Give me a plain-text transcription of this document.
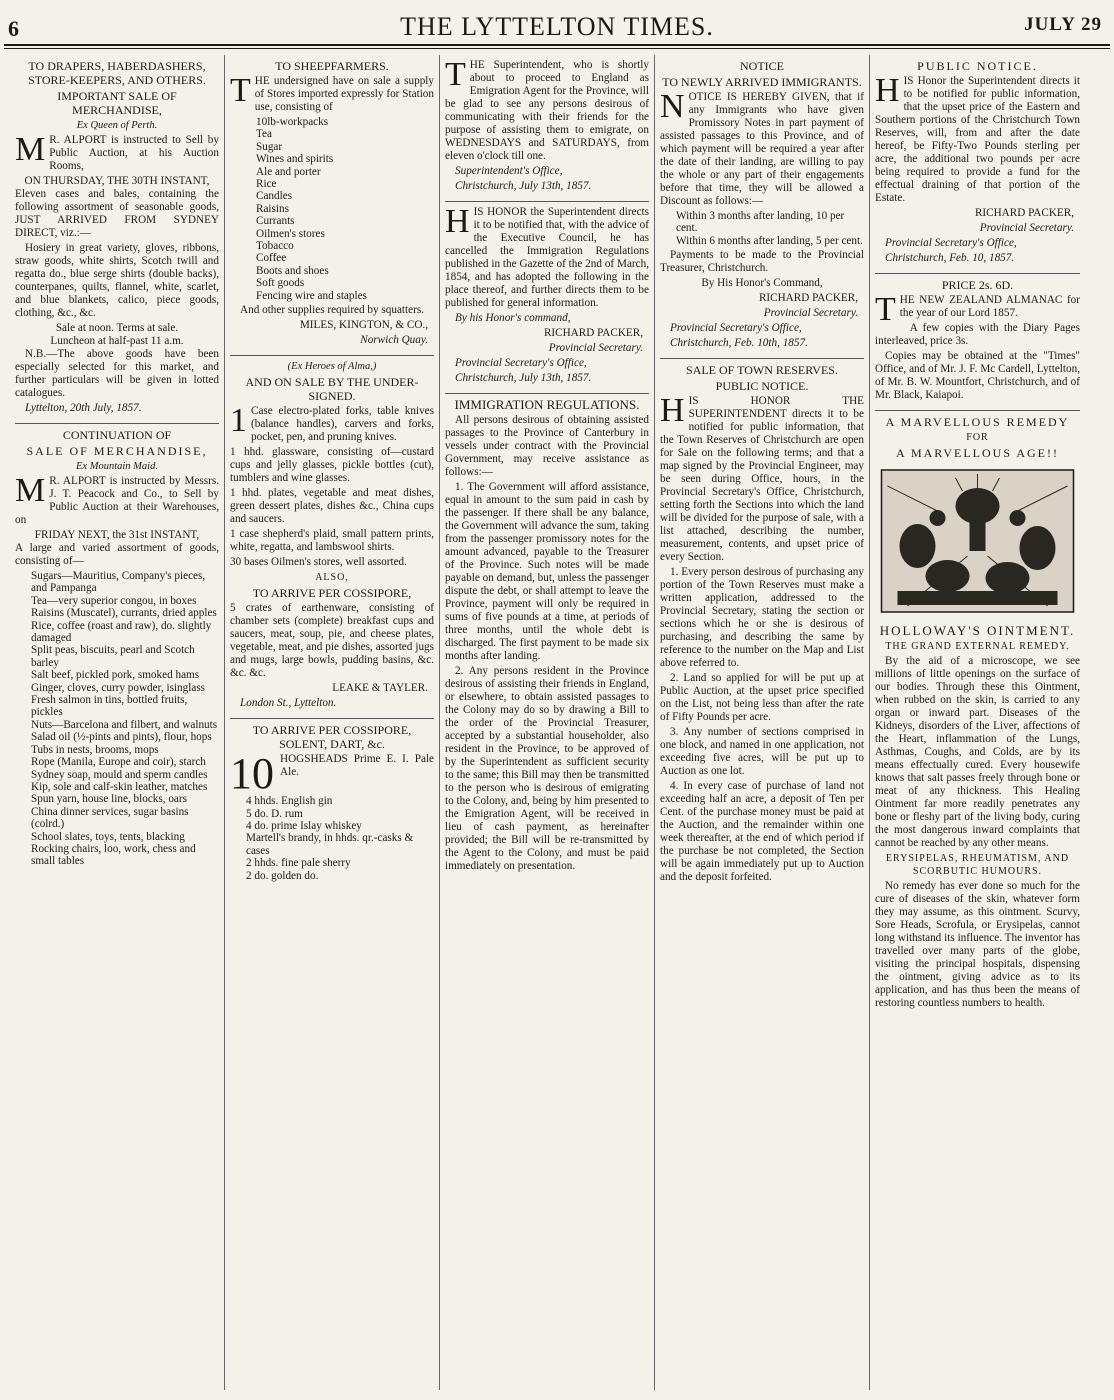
6	THE LYTTELTON TIMES.	JULY 29
TO DRAPERS, HABERDASHERS, STORE-KEEPERS, AND OTHERS.
IMPORTANT SALE OF MERCHANDISE,
Ex Queen of Perth.

M R. ALPORT is instructed to Sell by Public Auction, at his Auction Rooms,

ON THURSDAY, THE 30TH INSTANT,

Eleven cases and bales, containing the following assortment of seasonable goods, JUST ARRIVED FROM SYDNEY DIRECT, viz.:—

Hosiery in great variety, gloves, ribbons, straw goods, white shirts, Scotch twill and regatta do., blue serge shirts (double backs), counterpanes, quilts, flannel, white, scarlet, and blue blankets, calico, piece goods, clothing, &c., &c.

Sale at noon. Terms at sale.
Luncheon at half-past 11 a.m.

N.B.—The above goods have been especially selected for this market, and further particulars will be given in lotted catalogues.

Lyttelton, 20th July, 1857.
CONTINUATION OF
SALE OF MERCHANDISE,
Ex Mountain Maid.

M R. ALPORT is instructed by Messrs. J. T. Peacock and Co., to Sell by Public Auction at their Warehouses, on

FRIDAY NEXT, the 31st INSTANT,

A large and varied assortment of goods, consisting of—

Sugars—Mauritius, Company's pieces, and Pampanga
Tea—very superior congou, in boxes
Raisins (Muscatel), currants, dried apples
Rice, coffee (roast and raw), do. slightly damaged
Split peas, biscuits, pearl and Scotch barley
Salt beef, pickled pork, smoked hams
Ginger, cloves, curry powder, isinglass
Fresh salmon in tins, bottled fruits, pickles
Nuts—Barcelona and filbert, and walnuts
Salad oil (½-pints and pints), flour, hops
Tubs in nests, brooms, mops
Rope (Manila, Europe and coir), starch
Sydney soap, mould and sperm candles
Kip, sole and calf-skin leather, matches
Spun yarn, house line, blocks, oars
China dinner services, sugar basins (colrd.)
School slates, toys, tents, blacking
Rocking chairs, loo, work, chess and small tables
TO SHEEPFARMERS.

THE undersigned have on sale a supply of Stores imported expressly for Station use, consisting of

10lb-workpacks
Tea
Sugar
Wines and spirits
Ale and porter
Rice
Candles
Raisins
Currants
Oilmen's stores
Tobacco
Coffee
Boots and shoes
Soft goods
Fencing wire and staples
And other supplies required by squatters.
MILES, KINGTON, & CO.,
Norwich Quay.
(Ex Heroes of Alma,)
AND ON SALE BY THE UNDER-SIGNED.

1 Case electro-plated forks, table knives (balance handles), carvers and forks, pocket, pen, and pruning knives.

1 hhd. glassware, consisting of—custard cups and jelly glasses, pickle bottles (cut), tumblers and wine glasses.

1 hhd. plates, vegetable and meat dishes, green dessert plates, dishes &c., China cups and saucers.

1 case shepherd's plaid, small pattern prints, white, regatta, and lambswool shirts.

30 bases Oilmen's stores, well assorted.

ALSO,
TO ARRIVE PER COSSIPORE,

5 crates of earthenware, consisting of chamber sets (complete) breakfast cups and saucers, meat, soup, pie, and cheese plates, vegetable, meat, and pie dishes, assorted jugs and mugs, large bowls, pudding basins, &c. &c. &c.

LEAKE & TAYLER.
London St., Lyttelton.
TO ARRIVE PER COSSIPORE, SOLENT, DART, &c.

10 HOGSHEADS Prime E. I. Pale Ale.

4 hhds. English gin
5 do. D. rum
4 do. prime Islay whiskey
Martell's brandy, in hhds. qr.-casks & cases
2 hhds. fine pale sherry
2 do. golden do.

THE Superintendent, who is shortly about to proceed to England as Emigration Agent for the Province, will be glad to see any persons desirous of communicating with their friends for the purpose of assisting them to emigrate, on WEDNESDAYS and SATURDAYS, from eleven o'clock till one.

Superintendent's Office,
Christchurch, July 13th, 1857.

HIS HONOR the Superintendent directs it to be notified that, with the advice of the Executive Council, he has cancelled the Immigration Regulations published in the Gazette of the 2nd of March, 1854, and has adopted the following in the place thereof, and further directs them to be published for general information.

By his Honor's command,
RICHARD PACKER,
Provincial Secretary.
Provincial Secretary's Office,
Christchurch, July 13th, 1857.
IMMIGRATION REGULATIONS.

All persons desirous of obtaining assisted passages to the Province of Canterbury in vessels under contract with the Provincial Government, may receive assistance as follows:—

1. The Government will afford assistance, equal in amount to the sum paid in cash by the passenger. If there shall be any balance, the Government will advance the sum, taking from the passenger promissory notes for the amount advanced, payable to the Treasurer of the Province. Such notes will be made payable on demand, but, unless the passenger dispute the debt, or shall attempt to leave the Province, payment will only be required in sums of five pounds at a time, at periods of three months, until the whole debt is discharged. The first payment to be made six months after landing.

2. Any persons resident in the Province desirous of assisting their friends in England, or elsewhere, to obtain assisted passages to the Colony may do so by drawing a Bill to the order of the Provincial Treasurer, accepted by a substantial householder, also resident in the Province, to be approved of by the Superintendent as sufficient security to the same; this Bill may then be transmitted to the person who is desirous of emigrating to the Colony, and, being by him presented to the Emigration Agent, will be received in lieu of cash payment, as hereinafter provided; the Bill will be re-transmitted by the Agent to the Colony, and must be paid immediately on presentation.

NOTICE
TO NEWLY ARRIVED IMMIGRANTS.

NOTICE IS HEREBY GIVEN, that if any Immigrants who have given Promissory Notes in part payment of assisted passages to this Province, and of which payment will be required a year after the date of their landing, are willing to pay the whole or any part of their engagements before that time, they will be allowed a Discount as follows:—

Within 3 months after landing, 10 per cent.
Within 6 months after landing, 5 per cent.

Payments to be made to the Provincial Treasurer, Christchurch.

By His Honor's Command,
RICHARD PACKER,
Provincial Secretary.
Provincial Secretary's Office,
Christchurch, Feb. 10th, 1857.
SALE OF TOWN RESERVES.
PUBLIC NOTICE.

HIS HONOR THE SUPERINTENDENT directs it to be notified for public information, that the Town Reserves of Christchurch are open for Sale on the following terms; and that a map signed by the Provincial Engineer, may be seen during Office, hours, in the Provincial Secretary's Office, Christchurch, setting forth the Sections into which the land will be divided for the purpose of sale, with a list attached, describing the number, measurement, contents, and upset price of every Section.

1. Every person desirous of purchasing any portion of the Town Reserves must make a written application, addressed to the Provincial Secretary, stating the section or sections which he or she is desirous of purchasing, and describing the same by reference to the number on the Map and List above referred to.

2. Land so applied for will be put up at Public Auction, at the upset price specified on the List, not being less than after the rate of Fifty Pounds per acre.

3. Any number of sections comprised in one block, and named in one application, not exceeding five acres, will be put up to Auction as one lot.

4. In every case of purchase of land not exceeding half an acre, a deposit of Ten per Cent. of the purchase money must be paid at the Auction, and the remainder within one week thereafter, at the end of which period if the purchase be not completed, the Section will be again immediately put up to Auction and the deposit forfeited.

PUBLIC NOTICE.

HIS Honor the Superintendent directs it to be notified for public information, that the upset price of the Eastern and Southern portions of the Christchurch Town Reserves, will, from and after the date hereof, be Fifty-Two Pounds sterling per acre, the additional two pounds per acre being required to provide a fund for the effectual draining of that portion of the Estate.

RICHARD PACKER,
Provincial Secretary.
Provincial Secretary's Office,
Christchurch, Feb. 10, 1857.
PRICE 2s. 6D.

THE NEW ZEALAND ALMANAC for the year of our Lord 1857.

A few copies with the Diary Pages interleaved, price 3s.

Copies may be obtained at the "Times" Office, and of Mr. J. F. Mc Cardell, Lyttelton, of Mr. B. W. Mountfort, Christchurch, and of Mr. Black, Kaiapoi.

A MARVELLOUS REMEDY
FOR
A MARVELLOUS AGE!!
HOLLOWAY'S OINTMENT.
THE GRAND EXTERNAL REMEDY.

By the aid of a microscope, we see millions of little openings on the surface of our bodies. Through these this Ointment, when rubbed on the skin, is carried to any organ or inward part. Diseases of the Kidneys, disorders of the Liver, affections of the Heart, inflammation of the Lungs, Asthmas, Coughs, and Colds, are by its means effectually cured. Every housewife knows that salt passes freely through bone or meat of any thickness. This Healing Ointment far more readily penetrates any bone or fleshy part of the living body, curing the most dangerous inward complaints that cannot be reached by any other means.

ERYSIPELAS, RHEUMATISM, AND SCORBUTIC HUMOURS.

No remedy has ever done so much for the cure of diseases of the skin, whatever form they may assume, as this ointment. Scurvy, Sore Heads, Scrofula, or Erysipelas, cannot long withstand its influence. The inventor has travelled over many parts of the globe, visiting the principal hospitals, dispensing the ointment, giving advice as to its application, and has thus been the means of restoring countless numbers to health.
